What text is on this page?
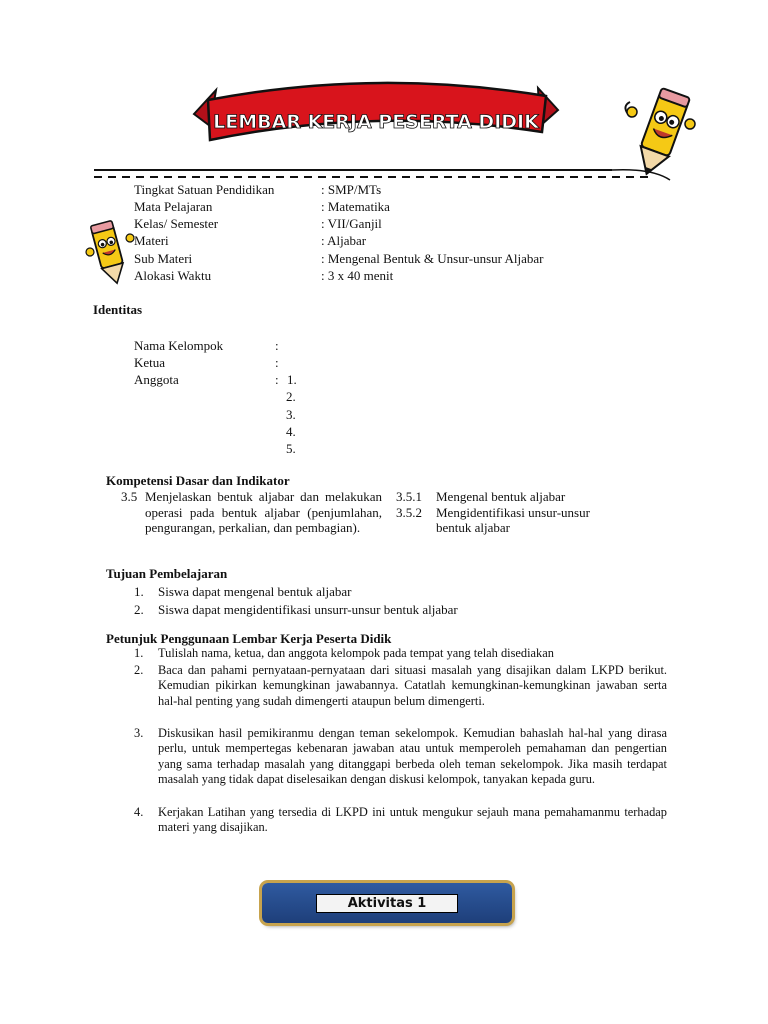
LEMBAR KERJA PESERTA DIDIK
Tingkat Satuan Pendidikan	: SMP/MTs
Mata Pelajaran	: Matematika
Kelas/ Semester	: VII/Ganjil
Materi	: Aljabar
Sub Materi	: Mengenal Bentuk & Unsur-unsur Aljabar
Alokasi Waktu	: 3 x 40 menit
Identitas
Nama Kelompok	:
Ketua	:
Anggota	: 1.
2.
3.
4.
5.
Kompetensi Dasar dan Indikator
3.5 Menjelaskan bentuk aljabar dan melakukan operasi pada bentuk aljabar (penjumlahan, pengurangan, perkalian, dan pembagian).
3.5.1 Mengenal bentuk aljabar
3.5.2 Mengidentifikasi unsur-unsur
bentuk aljabar
Tujuan Pembelajaran
1. Siswa dapat mengenal bentuk aljabar
2. Siswa dapat mengidentifikasi unsurr-unsur bentuk aljabar
Petunjuk Penggunaan Lembar Kerja Peserta Didik
1. Tulislah nama, ketua, dan anggota kelompok pada tempat yang telah disediakan
2. Baca dan pahami pernyataan-pernyataan dari situasi masalah yang disajikan dalam LKPD berikut. Kemudian pikirkan kemungkinan jawabannya. Catatlah kemungkinan-kemungkinan jawaban serta hal-hal penting yang sudah dimengerti ataupun belum dimengerti.
3. Diskusikan hasil pemikiranmu dengan teman sekelompok. Kemudian bahaslah hal-hal yang dirasa perlu, untuk mempertegas kebenaran jawaban atau untuk memperoleh pemahaman dan pengertian yang sama terhadap masalah yang ditanggapi berbeda oleh teman sekelompok. Jika masih terdapat masalah yang tidak dapat diselesaikan dengan diskusi kelompok, tanyakan kepada guru.
4. Kerjakan Latihan yang tersedia di LKPD ini untuk mengukur sejauh mana pemahamanmu terhadap materi yang disajikan.
Aktivitas 1
